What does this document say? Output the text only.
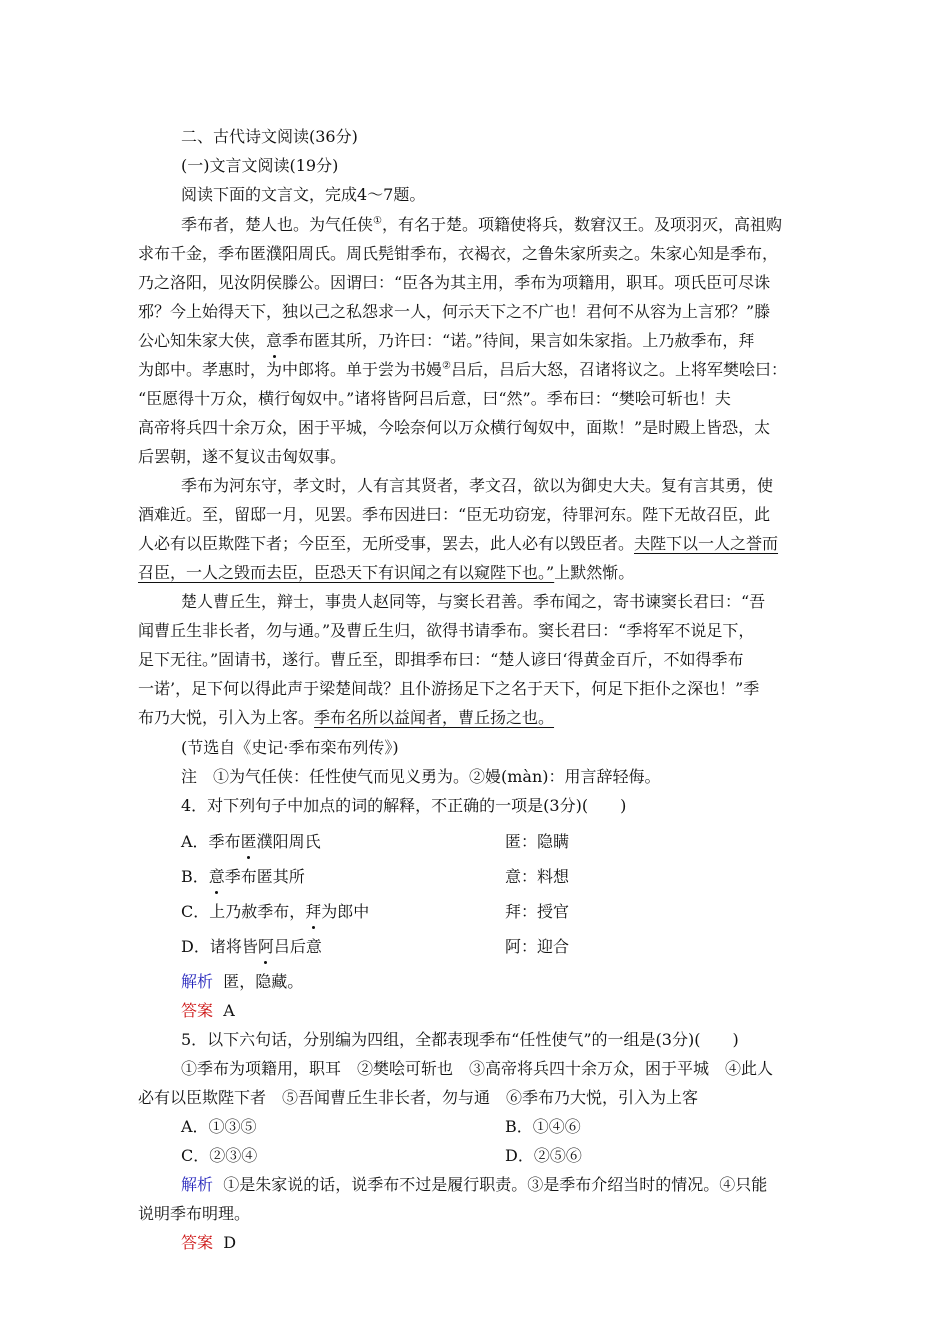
二、古代诗文阅读(36分)
(一)文言文阅读(19分)
阅读下面的文言文，完成4～7题。
季布者，楚人也。为气任侠①，有名于楚。项籍使将兵，数窘汉王。及项羽灭，高祖购
求布千金，季布匿濮阳周氏。周氏髡钳季布，衣褐衣，之鲁朱家所卖之。朱家心知是季布，
乃之洛阳，见汝阴侯滕公。因谓曰：“臣各为其主用，季布为项籍用，职耳。项氏臣可尽诛
邪？今上始得天下，独以己之私怨求一人，何示天下之不广也！君何不从容为上言邪？”滕
公心知朱家大侠，意季布匿其所，乃许曰：“诺。”待间，果言如朱家指。上乃赦季布，拜
为郎中。孝惠时，为中郎将。单于尝为书嫚②吕后，吕后大怒，召诸将议之。上将军樊哙曰：
“臣愿得十万众，横行匈奴中。”诸将皆阿吕后意，曰“然”。季布曰：“樊哙可斩也！夫
高帝将兵四十余万众，困于平城，今哙奈何以万众横行匈奴中，面欺！”是时殿上皆恐，太
后罢朝，遂不复议击匈奴事。
季布为河东守，孝文时，人有言其贤者，孝文召，欲以为御史大夫。复有言其勇，使
酒难近。至，留邸一月，见罢。季布因进曰：“臣无功窃宠，待罪河东。陛下无故召臣，此
人必有以臣欺陛下者；今臣至，无所受事，罢去，此人必有以毁臣者。夫陛下以一人之誉而
召臣，一人之毁而去臣，臣恐天下有识闻之有以窥陛下也。”上默然惭。
楚人曹丘生，辩士，事贵人赵同等，与窦长君善。季布闻之，寄书谏窦长君曰：“吾
闻曹丘生非长者，勿与通。”及曹丘生归，欲得书请季布。窦长君曰：“季将军不说足下，
足下无往。”固请书，遂行。曹丘至，即揖季布曰：“楚人谚曰‘得黄金百斤，不如得季布
一诺’，足下何以得此声于梁楚间哉？且仆游扬足下之名于天下，何足下拒仆之深也！”季
布乃大悦，引入为上客。季布名所以益闻者，曹丘扬之也。
(节选自《史记·季布栾布列传》)
注　①为气任侠：任性使气而见义勇为。②嫚(màn)：用言辞轻侮。
4．对下列句子中加点的词的解释，不正确的一项是(3分)(　　)
A．季布匿濮阳周氏	匿：隐瞒
B．意季布匿其所	意：料想
C．上乃赦季布，拜为郎中	拜：授官
D．诸将皆阿吕后意	阿：迎合
解析 匿，隐藏。
答案 A
5．以下六句话，分别编为四组，全都表现季布“任性使气”的一组是(3分)(　　)
①季布为项籍用，职耳　②樊哙可斩也　③高帝将兵四十余万众，困于平城　④此人
必有以臣欺陛下者　⑤吾闻曹丘生非长者，勿与通　⑥季布乃大悦，引入为上客
A．①③⑤	B．①④⑥
C．②③④	D．②⑤⑥
解析 ①是朱家说的话，说季布不过是履行职责。③是季布介绍当时的情况。④只能
说明季布明理。
答案 D
